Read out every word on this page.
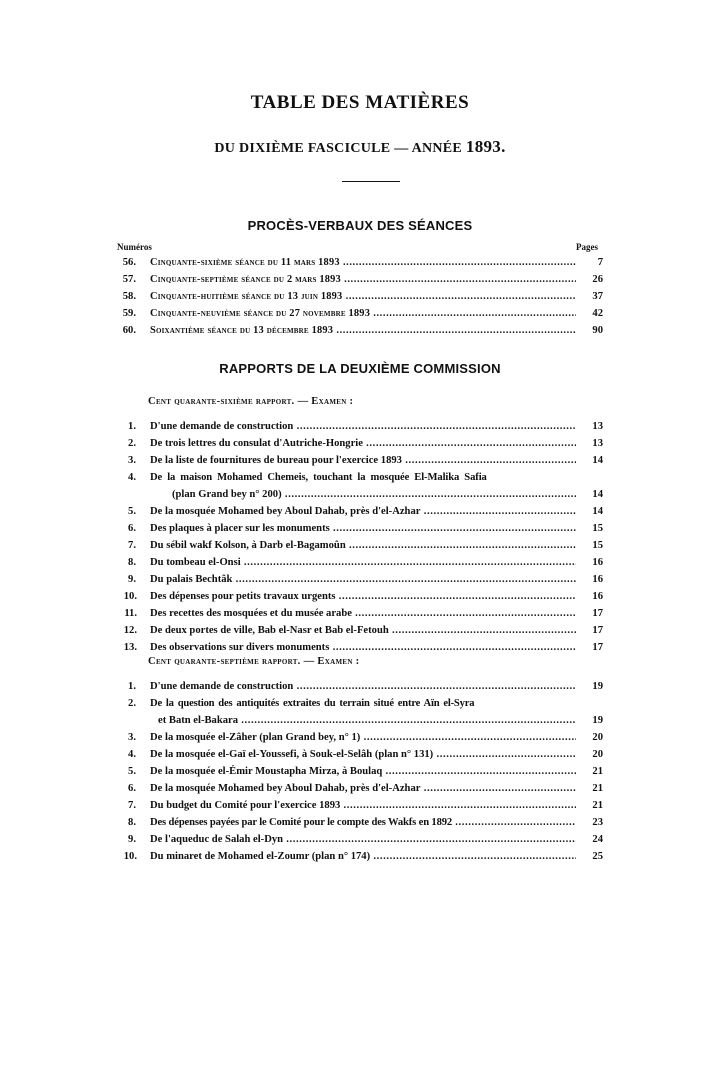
TABLE DES MATIÈRES
DU DIXIÈME FASCICULE — ANNÉE 1893.
PROCÈS-VERBAUX DES SÉANCES
Numéros	Pages
56. Cinquante-sixième séance du 11 mars 1893 .....	7
57. Cinquante-septième séance du 2 mars 1893 .....	26
58. Cinquante-huitième séance du 13 juin 1893 .....	37
59. Cinquante-neuvième séance du 27 novembre 1893 .....	42
60. Soixantième séance du 13 décembre 1893 .....	90
RAPPORTS DE LA DEUXIÈME COMMISSION
Cent quarante-sixième rapport. — Examen :
1. D'une demande de construction .....	13
2. De trois lettres du consulat d'Autriche-Hongrie .....	13
3. De la liste de fournitures de bureau pour l'exercice 1893 .....	14
4. De la maison Mohamed Chemeis, touchant la mosquée El-Malika Safia
(plan Grand bey n° 200) .....	14
5. De la mosquée Mohamed bey Aboul Dahab, près d'el-Azhar .....	14
6. Des plaques à placer sur les monuments .....	15
7. Du sébil wakf Kolson, à Darb el-Bagamoûn .....	15
8. Du tombeau el-Onsi .....	16
9. Du palais Bechtâk .....	16
10. Des dépenses pour petits travaux urgents .....	16
11. Des recettes des mosquées et du musée arabe .....	17
12. De deux portes de ville, Bab el-Nasr et Bab el-Fetouh .....	17
13. Des observations sur divers monuments .....	17
Cent quarante-septième rapport. — Examen :
1. D'une demande de construction .....	19
2. De la question des antiquités extraites du terrain situé entre Aïn el-Syra
et Batn el-Bakara .....	19
3. De la mosquée el-Zâher (plan Grand bey, n° 1) .....	20
4. De la mosquée el-Gaï el-Youssefi, à Souk-el-Selâh (plan n° 131) .....	20
5. De la mosquée el-Émir Moustapha Mirza, à Boulaq .....	21
6. De la mosquée Mohamed bey Aboul Dahab, près d'el-Azhar .....	21
7. Du budget du Comité pour l'exercice 1893 .....	21
8. Des dépenses payées par le Comité pour le compte des Wakfs en 1892 .....	23
9. De l'aqueduc de Salah el-Dyn .....	24
10. Du minaret de Mohamed el-Zoumr (plan n° 174) .....	25
